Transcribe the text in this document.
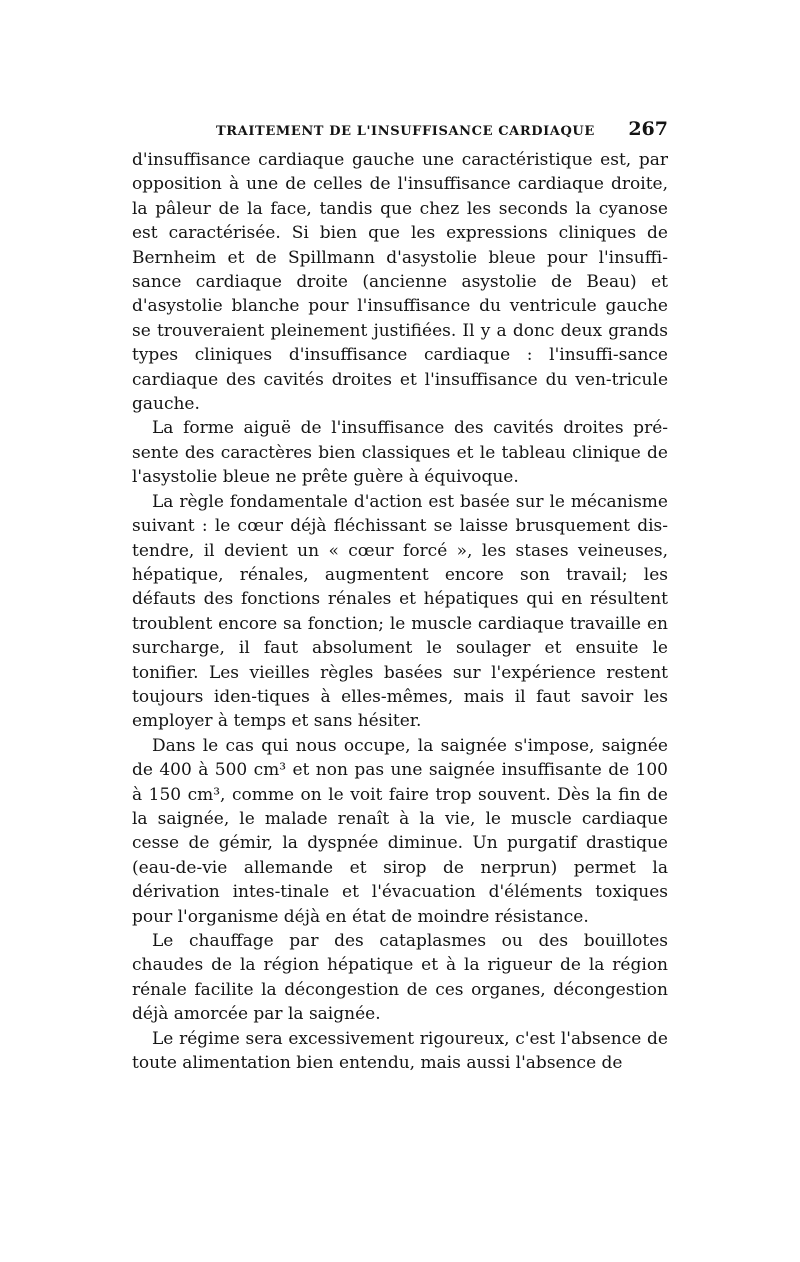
TRAITEMENT DE L'INSUFFISANCE CARDIAQUE 267

d'insuffisance cardiaque gauche une caractéristique est, par opposition à une de celles de l'insuffisance cardiaque droite, la pâleur de la face, tandis que chez les seconds la cyanose est caractérisée. Si bien que les expressions cliniques de Bernheim et de Spillmann d'asystolie bleue pour l'insuffi-sance cardiaque droite (ancienne asystolie de Beau) et d'asystolie blanche pour l'insuffisance du ventricule gauche se trouveraient pleinement justifiées. Il y a donc deux grands types cliniques d'insuffisance cardiaque : l'insuffi-sance cardiaque des cavités droites et l'insuffisance du ven-tricule gauche.

La forme aiguë de l'insuffisance des cavités droites pré-sente des caractères bien classiques et le tableau clinique de l'asystolie bleue ne prête guère à équivoque.

La règle fondamentale d'action est basée sur le mécanisme suivant : le cœur déjà fléchissant se laisse brusquement dis-tendre, il devient un « cœur forcé », les stases veineuses, hépatique, rénales, augmentent encore son travail; les défauts des fonctions rénales et hépatiques qui en résultent troublent encore sa fonction; le muscle cardiaque travaille en surcharge, il faut absolument le soulager et ensuite le tonifier. Les vieilles règles basées sur l'expérience restent toujours iden-tiques à elles-mêmes, mais il faut savoir les employer à temps et sans hésiter.

Dans le cas qui nous occupe, la saignée s'impose, saignée de 400 à 500 cm³ et non pas une saignée insuffisante de 100 à 150 cm³, comme on le voit faire trop souvent. Dès la fin de la saignée, le malade renaît à la vie, le muscle cardiaque cesse de gémir, la dyspnée diminue. Un purgatif drastique (eau-de-vie allemande et sirop de nerprun) permet la dérivation intes-tinale et l'évacuation d'éléments toxiques pour l'organisme déjà en état de moindre résistance.

Le chauffage par des cataplasmes ou des bouillotes chaudes de la région hépatique et à la rigueur de la région rénale facilite la décongestion de ces organes, décongestion déjà amorcée par la saignée.

Le régime sera excessivement rigoureux, c'est l'absence de toute alimentation bien entendu, mais aussi l'absence de
